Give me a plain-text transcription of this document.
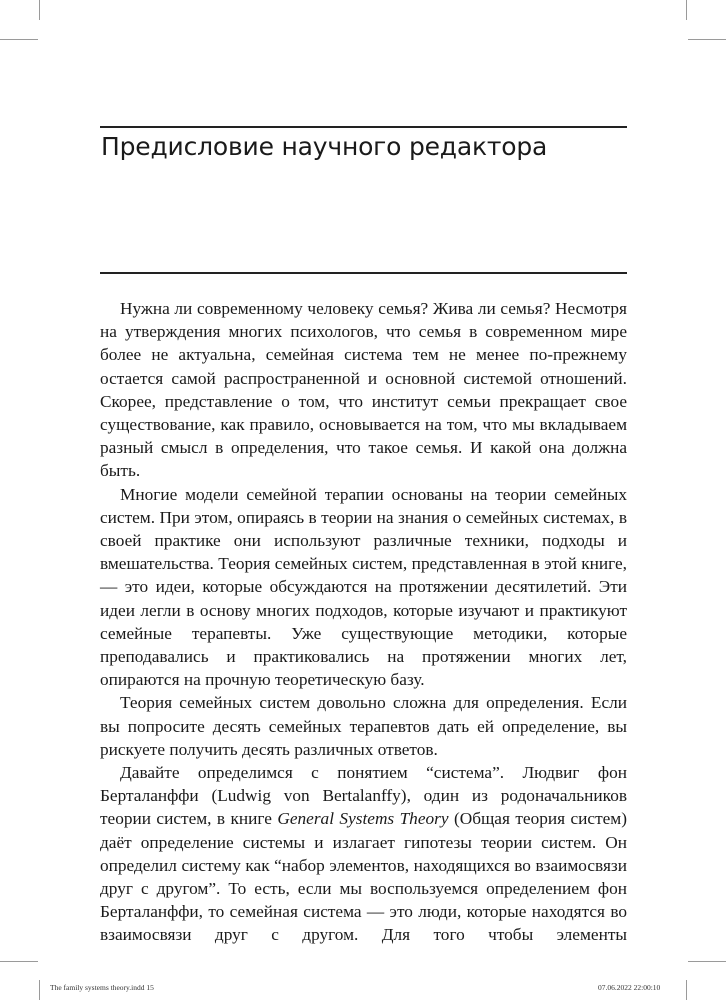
Предисловие научного редактора

Нужна ли современному человеку семья? Жива ли семья? Несмотря на утверждения многих психологов, что семья в современном мире более не актуальна, семейная система тем не менее по-прежнему остается самой распространенной и основной системой отношений. Скорее, представление о том, что институт семьи прекращает свое существование, как правило, основывается на том, что мы вкладываем разный смысл в определения, что такое семья. И какой она должна быть.

Многие модели семейной терапии основаны на теории семейных систем. При этом, опираясь в теории на знания о семейных системах, в своей практике они используют различные техники, подходы и вмешательства. Теория семейных систем, представленная в этой книге, — это идеи, которые обсуждаются на протяжении десятилетий. Эти идеи легли в основу многих подходов, которые изучают и практикуют семейные терапевты. Уже существующие методики, которые преподавались и практиковались на протяжении многих лет, опираются на прочную теоретическую базу.

Теория семейных систем довольно сложна для определения. Если вы попросите десять семейных терапевтов дать ей определение, вы рискуете получить десять различных ответов.

Давайте определимся с понятием “система”. Людвиг фон Берталанффи (Ludwig von Bertalanffy), один из родоначальников теории систем, в книге General Systems Theory (Общая теория систем) даёт определение системы и излагает гипотезы теории систем. Он определил систему как “набор элементов, находящихся во взаимосвязи друг с другом”. То есть, если мы воспользуемся определением фон Берталанффи, то семейная система — это люди, которые находятся во взаимосвязи друг с другом. Для того чтобы элементы

The family systems theory.indd 15	07.06.2022 22:00:10
